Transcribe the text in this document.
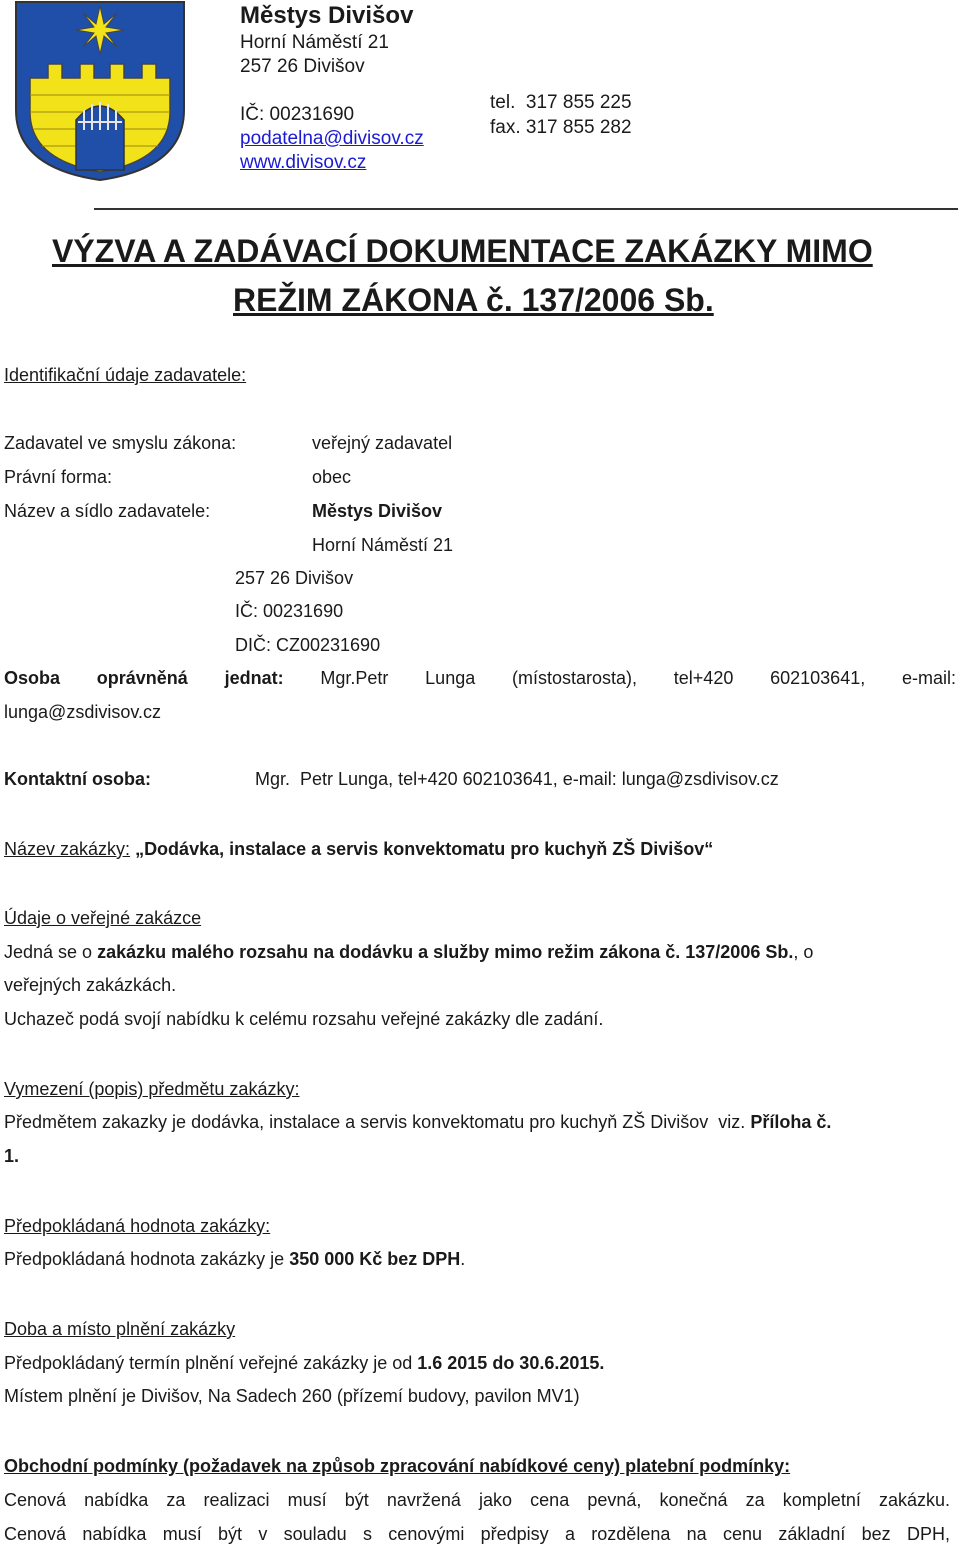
Městys Divišov
Horní Náměstí 21
257 26 Divišov
IČ: 00231690
podatelna@divisov.cz
www.divisov.cz
tel.  317 855 225
fax. 317 855 282
VÝZVA A ZADÁVACÍ DOKUMENTACE ZAKÁZKY MIMO
REŽIM ZÁKONA č. 137/2006 Sb.
Identifikační údaje zadavatele:
Zadavatel ve smyslu zákona:	veřejný zadavatel
Právní forma:	obec
Název a sídlo zadavatele:	Městys Divišov
Horní Náměstí 21
257 26 Divišov
IČ: 00231690
DIČ: CZ00231690
Osoba oprávněná jednat: Mgr.Petr Lunga (místostarosta), tel+420 602103641, e-mail:
lunga@zsdivisov.cz
Kontaktní osoba:	Mgr.  Petr Lunga, tel+420 602103641, e-mail: lunga@zsdivisov.cz
Název zakázky: „Dodávka, instalace a servis konvektomatu pro kuchyň ZŠ Divišov“
Údaje o veřejné zakázce
Jedná se o zakázku malého rozsahu na dodávku a služby mimo režim zákona č. 137/2006 Sb., o
veřejných zakázkách.
Uchazeč podá svojí nabídku k celému rozsahu veřejné zakázky dle zadání.
Vymezení (popis) předmětu zakázky:
Předmětem zakazky je dodávka, instalace a servis konvektomatu pro kuchyň ZŠ Divišov  viz. Příloha č.
1.
Předpokládaná hodnota zakázky:
Předpokládaná hodnota zakázky je 350 000 Kč bez DPH.
Doba a místo plnění zakázky
Předpokládaný termín plnění veřejné zakázky je od 1.6 2015 do 30.6.2015.
Místem plnění je Divišov, Na Sadech 260 (přízemí budovy, pavilon MV1)
Obchodní podmínky (požadavek na způsob zpracování nabídkové ceny) platební podmínky:
Cenová nabídka za realizaci musí být navržená jako cena pevná, konečná za kompletní zakázku.
Cenová nabídka musí být v souladu s cenovými předpisy a rozdělena na cenu základní bez DPH,
